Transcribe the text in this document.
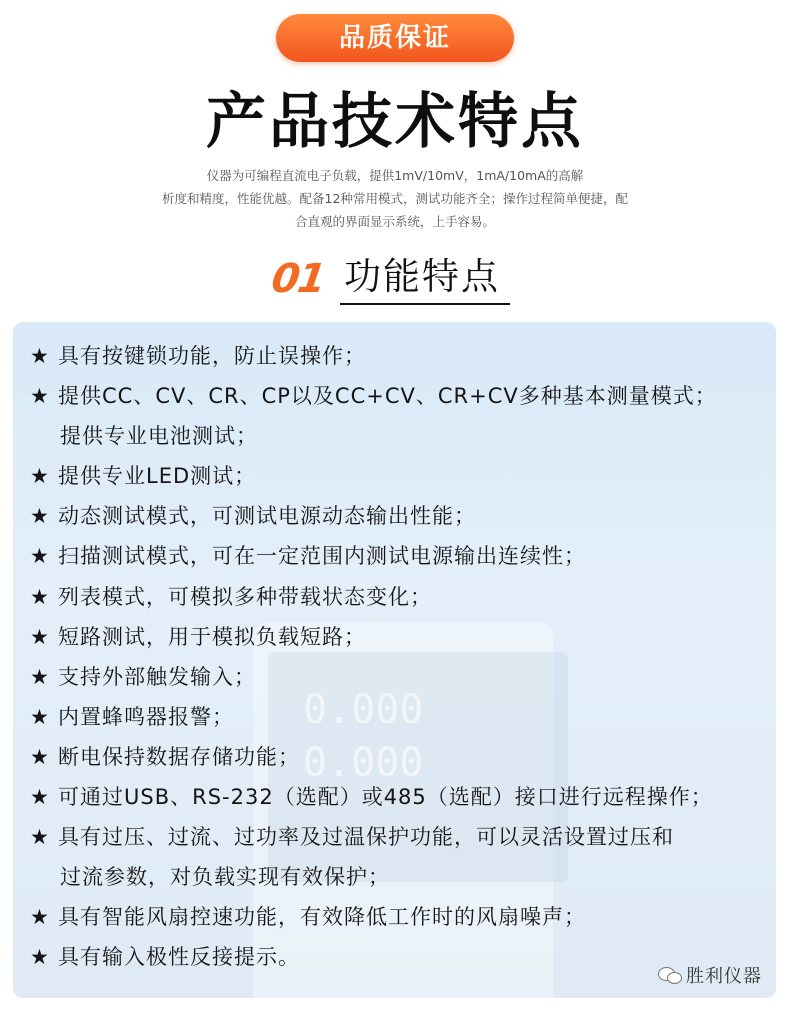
品质保证
产品技术特点
仪器为可编程直流电子负载，提供1mV/10mV，1mA/10mA的高解
析度和精度，性能优越。配备12种常用模式，测试功能齐全；操作过程简单便捷，配
合直观的界面显示系统，上手容易。
01 功能特点
0.000
0.000
★ 具有按键锁功能，防止误操作；
★ 提供CC、CV、CR、CP以及CC+CV、CR+CV多种基本测量模式；
提供专业电池测试；
★ 提供专业LED测试；
★ 动态测试模式，可测试电源动态输出性能；
★ 扫描测试模式，可在一定范围内测试电源输出连续性；
★ 列表模式，可模拟多种带载状态变化；
★ 短路测试，用于模拟负载短路；
★ 支持外部触发输入；
★ 内置蜂鸣器报警；
★ 断电保持数据存储功能；
★ 可通过USB、RS-232（选配）或485（选配）接口进行远程操作；
★ 具有过压、过流、过功率及过温保护功能，可以灵活设置过压和
过流参数，对负载实现有效保护；
★ 具有智能风扇控速功能，有效降低工作时的风扇噪声；
★ 具有输入极性反接提示。
胜利仪器
